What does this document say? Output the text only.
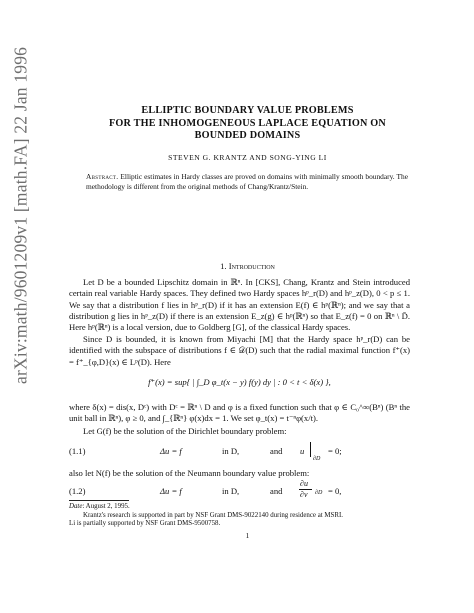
arXiv:math/9601209v1 [math.FA] 22 Jan 1996	ELLIPTIC BOUNDARY VALUE PROBLEMS
FOR THE INHOMOGENEOUS LAPLACE EQUATION ON
BOUNDED DOMAINS
STEVEN G. KRANTZ AND SONG-YING LI
Abstract. Elliptic estimates in Hardy classes are proved on domains with minimally smooth boundary. The methodology is different from the original methods of Chang/Krantz/Stein.
1. Introduction
Let D be a bounded Lipschitz domain in ℝⁿ. In [CKS], Chang, Krantz and Stein introduced certain real variable Hardy spaces. They defined two Hardy spaces hᵖ_r(D) and hᵖ_z(D), 0 < p ≤ 1. We say that a distribution f lies in hᵖ_r(D) if it has an extension E(f) ∈ hᵖ(ℝⁿ); and we say that a distribution g lies in hᵖ_z(D) if there is an extension E_z(g) ∈ hᵖ(ℝⁿ) so that E_z(f) = 0 on ℝⁿ \ D̄. Here hᵖ(ℝⁿ) is a local version, due to Goldberg [G], of the classical Hardy spaces.
Since D is bounded, it is known from Miyachi [M] that the Hardy space hᵖ_r(D) can be identified with the subspace of distributions f ∈ 𝒟(D) such that the radial maximal function f⁺(x) = f⁺_{φ,D}(x) ∈ Lᵖ(D). Here
f⁺(x) = sup{ | ∫_D φ_t(x − y) f(y) dy | : 0 < t < δ(x) },
where δ(x) = dis(x, Dᶜ) with Dᶜ = ℝⁿ \ D and φ is a fixed function such that φ ∈ C₀^∞(Bⁿ) (Bⁿ the unit ball in ℝⁿ), φ ≥ 0, and ∫_{ℝⁿ} φ(x)dx = 1. We set φ_t(x) = t⁻ⁿφ(x/t).
Let G(f) be the solution of the Dirichlet boundary problem:
(1.1)	Δu = f	in D,	and u
∂D
= 0;
also let N(f) be the solution of the Neumann boundary value problem:
(1.2)	Δu = f	in D,	and
∂u
∂ν ∂D = 0,
Date: August 2, 1995.
Krantz's research is supported in part by NSF Grant DMS-9022140 during residence at MSRI.
Li is partially supported by NSF Grant DMS-9500758.
1
